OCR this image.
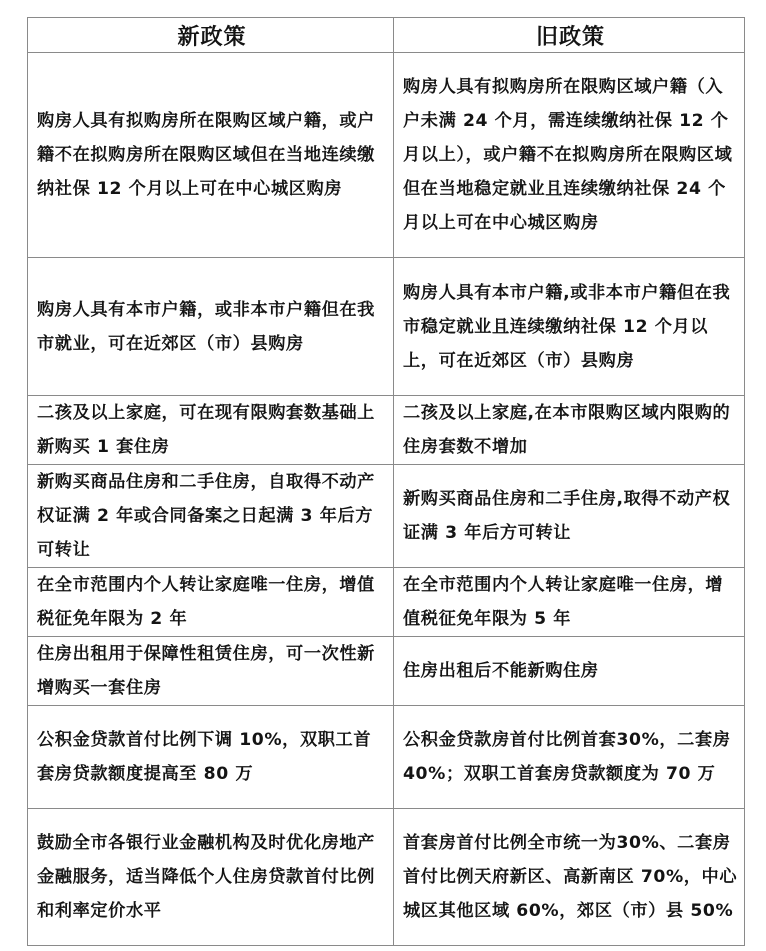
新政策	旧政策
购房人具有拟购房所在限购区域户籍，或户籍不在拟购房所在限购区域但在当地连续缴纳社保 12 个月以上可在中心城区购房	购房人具有拟购房所在限购区域户籍（入户未满 24 个月，需连续缴纳社保 12 个月以上），或户籍不在拟购房所在限购区域但在当地稳定就业且连续缴纳社保 24 个月以上可在中心城区购房
购房人具有本市户籍，或非本市户籍但在我市就业，可在近郊区（市）县购房	购房人具有本市户籍,或非本市户籍但在我市稳定就业且连续缴纳社保 12 个月以上，可在近郊区（市）县购房
二孩及以上家庭，可在现有限购套数基础上新购买 1 套住房	二孩及以上家庭,在本市限购区域内限购的住房套数不增加
新购买商品住房和二手住房，自取得不动产权证满 2 年或合同备案之日起满 3 年后方可转让	新购买商品住房和二手住房,取得不动产权证满 3 年后方可转让
在全市范围内个人转让家庭唯一住房，增值税征免年限为 2 年	在全市范围内个人转让家庭唯一住房，增值税征免年限为 5 年
住房出租用于保障性租赁住房，可一次性新增购买一套住房	住房出租后不能新购住房
公积金贷款首付比例下调 10%，双职工首套房贷款额度提高至 80 万	公积金贷款房首付比例首套30%，二套房 40%；双职工首套房贷款额度为 70 万
鼓励全市各银行业金融机构及时优化房地产金融服务，适当降低个人住房贷款首付比例和利率定价水平	首套房首付比例全市统一为30%、二套房首付比例天府新区、高新南区 70%，中心城区其他区域 60%，郊区（市）县 50%
